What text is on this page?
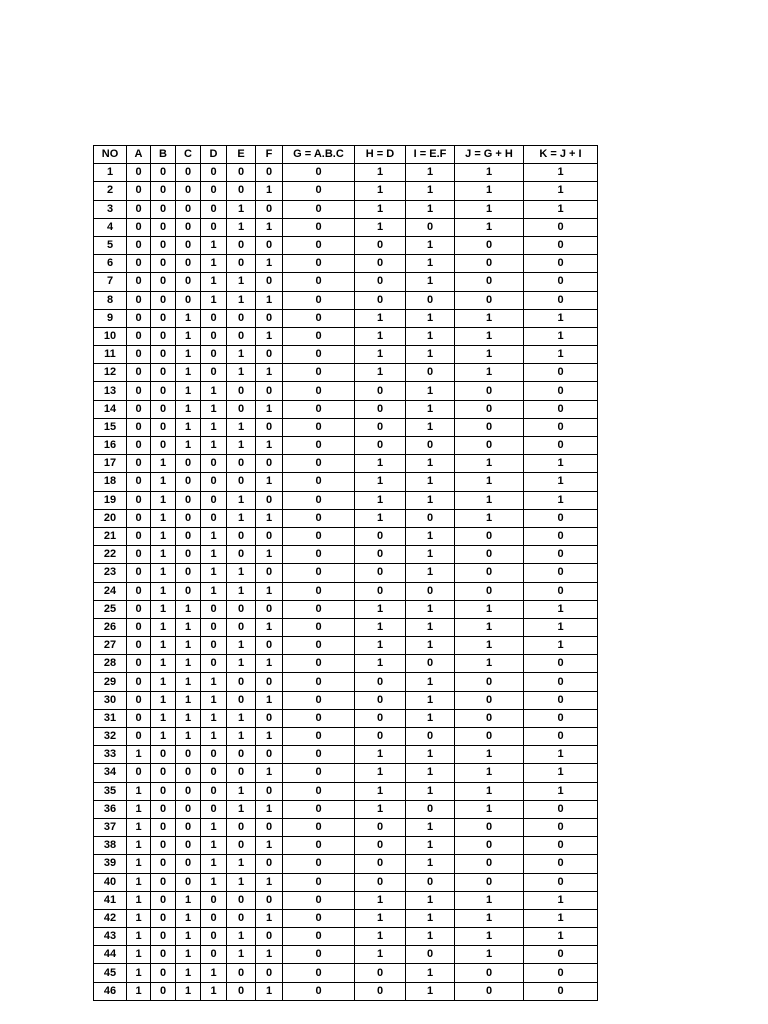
NO	A	B	C	D	E	F	G = A.B.C	H = D	I = E.F	J = G + H	K = J + I
1	0	0	0	0	0	0	0	1	1	1	1
2	0	0	0	0	0	1	0	1	1	1	1
3	0	0	0	0	1	0	0	1	1	1	1
4	0	0	0	0	1	1	0	1	0	1	0
5	0	0	0	1	0	0	0	0	1	0	0
6	0	0	0	1	0	1	0	0	1	0	0
7	0	0	0	1	1	0	0	0	1	0	0
8	0	0	0	1	1	1	0	0	0	0	0
9	0	0	1	0	0	0	0	1	1	1	1
10	0	0	1	0	0	1	0	1	1	1	1
11	0	0	1	0	1	0	0	1	1	1	1
12	0	0	1	0	1	1	0	1	0	1	0
13	0	0	1	1	0	0	0	0	1	0	0
14	0	0	1	1	0	1	0	0	1	0	0
15	0	0	1	1	1	0	0	0	1	0	0
16	0	0	1	1	1	1	0	0	0	0	0
17	0	1	0	0	0	0	0	1	1	1	1
18	0	1	0	0	0	1	0	1	1	1	1
19	0	1	0	0	1	0	0	1	1	1	1
20	0	1	0	0	1	1	0	1	0	1	0
21	0	1	0	1	0	0	0	0	1	0	0
22	0	1	0	1	0	1	0	0	1	0	0
23	0	1	0	1	1	0	0	0	1	0	0
24	0	1	0	1	1	1	0	0	0	0	0
25	0	1	1	0	0	0	0	1	1	1	1
26	0	1	1	0	0	1	0	1	1	1	1
27	0	1	1	0	1	0	0	1	1	1	1
28	0	1	1	0	1	1	0	1	0	1	0
29	0	1	1	1	0	0	0	0	1	0	0
30	0	1	1	1	0	1	0	0	1	0	0
31	0	1	1	1	1	0	0	0	1	0	0
32	0	1	1	1	1	1	0	0	0	0	0
33	1	0	0	0	0	0	0	1	1	1	1
34	0	0	0	0	0	1	0	1	1	1	1
35	1	0	0	0	1	0	0	1	1	1	1
36	1	0	0	0	1	1	0	1	0	1	0
37	1	0	0	1	0	0	0	0	1	0	0
38	1	0	0	1	0	1	0	0	1	0	0
39	1	0	0	1	1	0	0	0	1	0	0
40	1	0	0	1	1	1	0	0	0	0	0
41	1	0	1	0	0	0	0	1	1	1	1
42	1	0	1	0	0	1	0	1	1	1	1
43	1	0	1	0	1	0	0	1	1	1	1
44	1	0	1	0	1	1	0	1	0	1	0
45	1	0	1	1	0	0	0	0	1	0	0
46	1	0	1	1	0	1	0	0	1	0	0
